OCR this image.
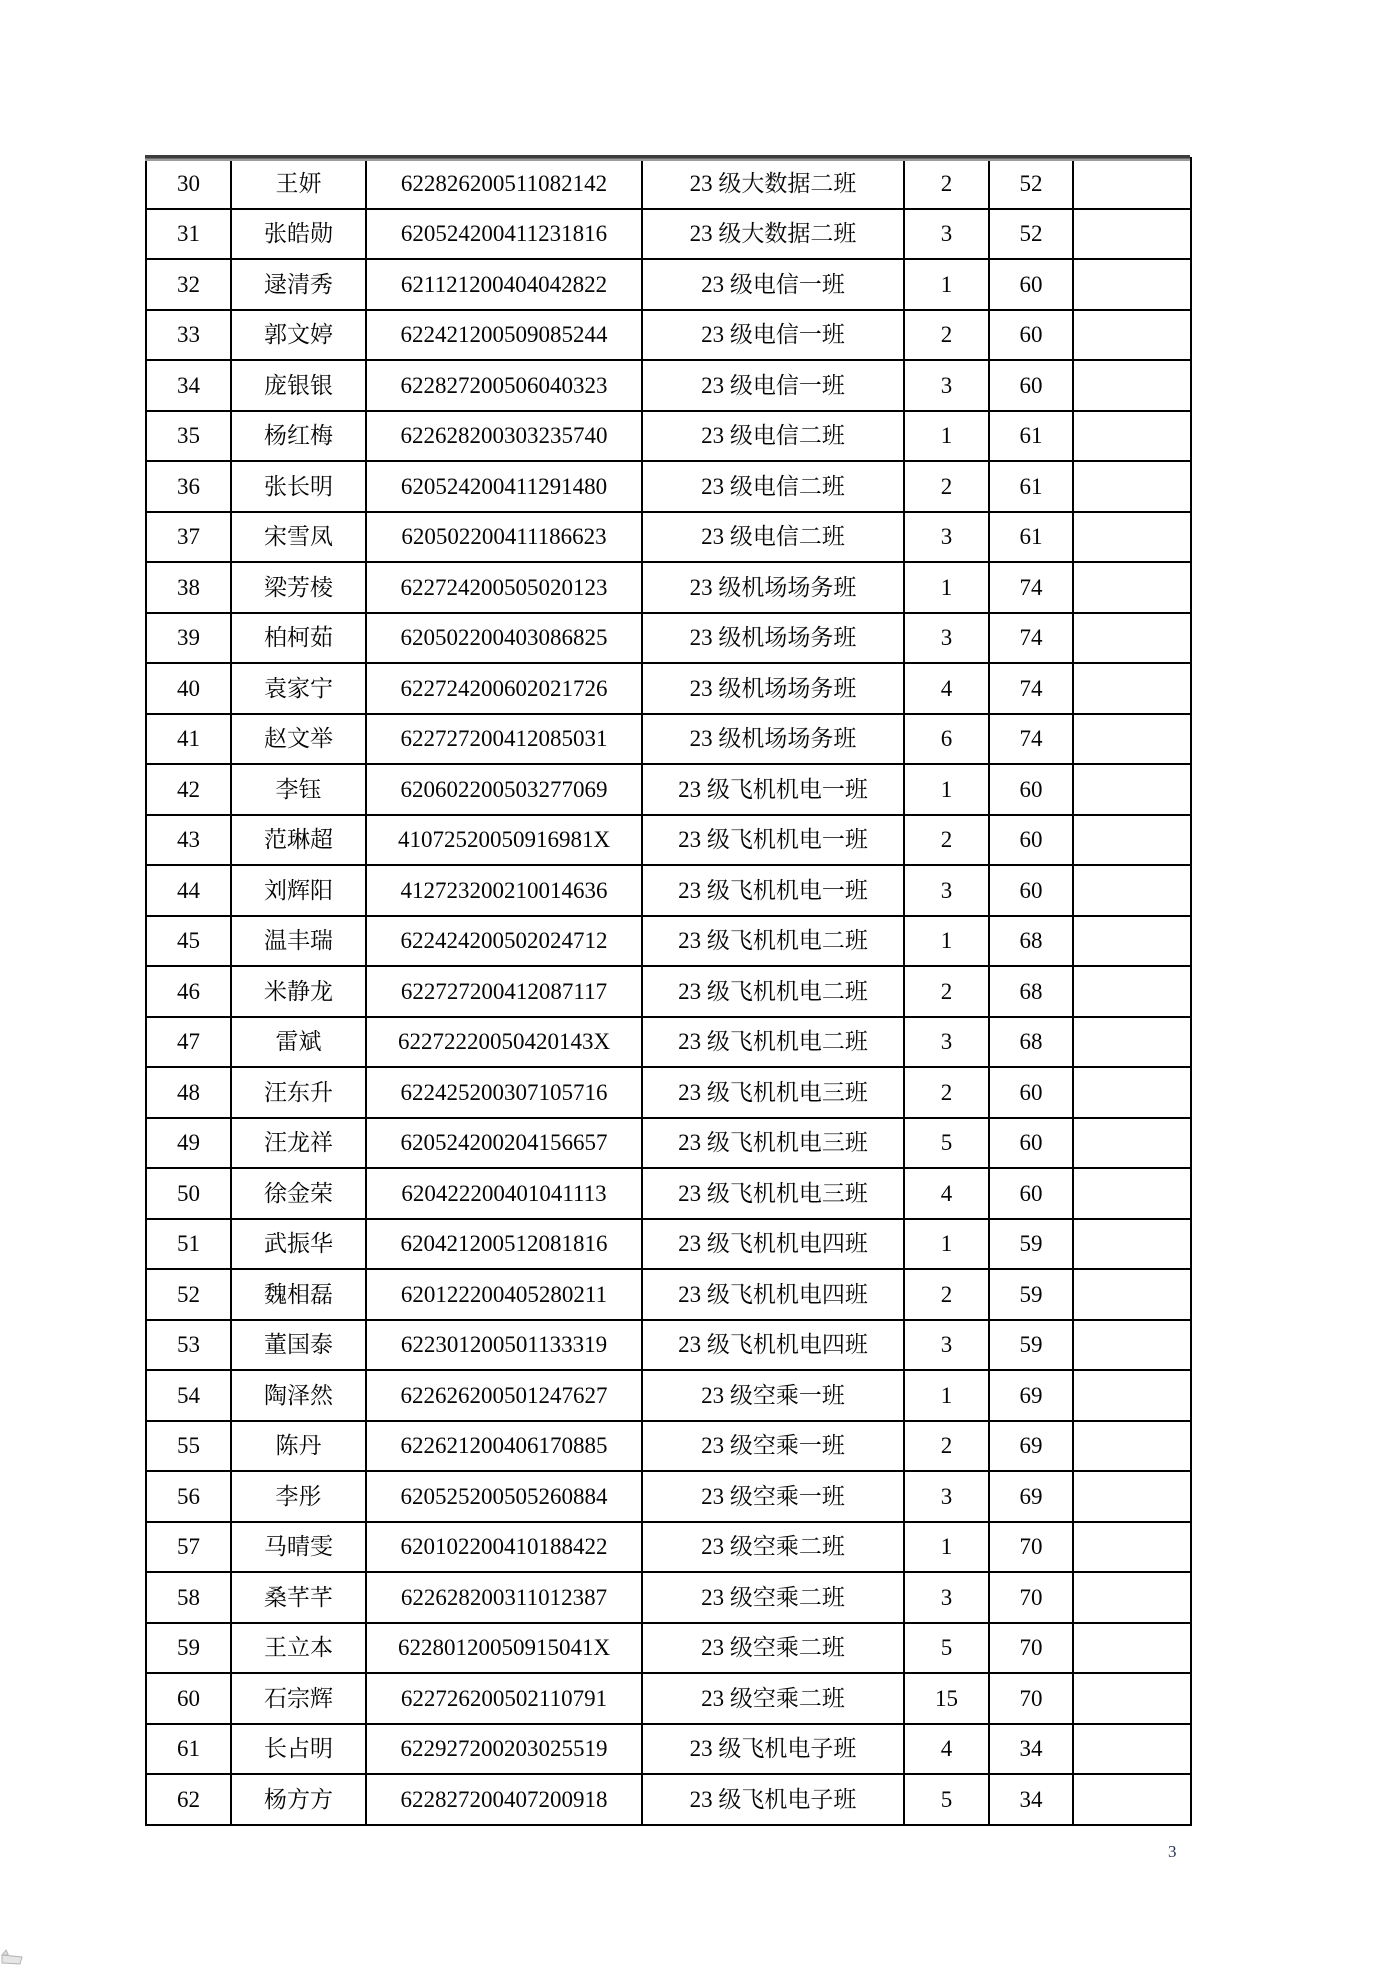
30	王妍	622826200511082142	23 级大数据二班	2	52	
31	张皓勋	620524200411231816	23 级大数据二班	3	52	
32	逯清秀	621121200404042822	23 级电信一班	1	60	
33	郭文婷	622421200509085244	23 级电信一班	2	60	
34	庞银银	622827200506040323	23 级电信一班	3	60	
35	杨红梅	622628200303235740	23 级电信二班	1	61	
36	张长明	620524200411291480	23 级电信二班	2	61	
37	宋雪凤	620502200411186623	23 级电信二班	3	61	
38	梁芳棱	622724200505020123	23 级机场场务班	1	74	
39	柏柯茹	620502200403086825	23 级机场场务班	3	74	
40	袁家宁	622724200602021726	23 级机场场务班	4	74	
41	赵文举	622727200412085031	23 级机场场务班	6	74	
42	李钰	620602200503277069	23 级飞机机电一班	1	60	
43	范琳超	41072520050916981X	23 级飞机机电一班	2	60	
44	刘辉阳	412723200210014636	23 级飞机机电一班	3	60	
45	温丰瑞	622424200502024712	23 级飞机机电二班	1	68	
46	米静龙	622727200412087117	23 级飞机机电二班	2	68	
47	雷斌	62272220050420143X	23 级飞机机电二班	3	68	
48	汪东升	622425200307105716	23 级飞机机电三班	2	60	
49	汪龙祥	620524200204156657	23 级飞机机电三班	5	60	
50	徐金荣	620422200401041113	23 级飞机机电三班	4	60	
51	武振华	620421200512081816	23 级飞机机电四班	1	59	
52	魏相磊	620122200405280211	23 级飞机机电四班	2	59	
53	董国泰	622301200501133319	23 级飞机机电四班	3	59	
54	陶泽然	622626200501247627	23 级空乘一班	1	69	
55	陈丹	622621200406170885	23 级空乘一班	2	69	
56	李彤	620525200505260884	23 级空乘一班	3	69	
57	马晴雯	620102200410188422	23 级空乘二班	1	70	
58	桑芊芊	622628200311012387	23 级空乘二班	3	70	
59	王立本	62280120050915041X	23 级空乘二班	5	70	
60	石宗辉	622726200502110791	23 级空乘二班	15	70	
61	长占明	622927200203025519	23 级飞机电子班	4	34	
62	杨方方	622827200407200918	23 级飞机电子班	5	34	
3
